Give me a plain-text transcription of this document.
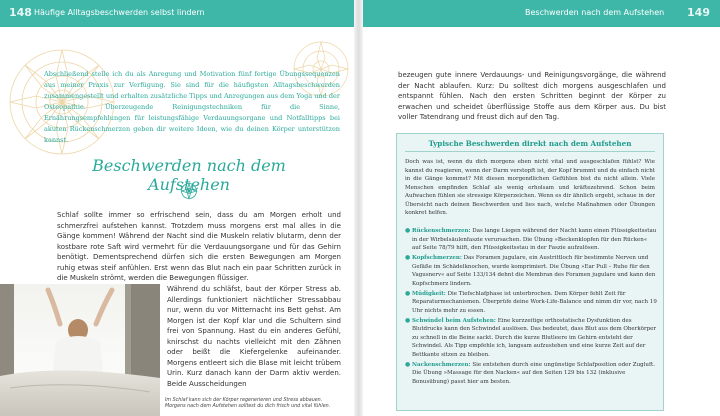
148 Häufige Alltagsbeschwerden selbst lindern	Beschwerden nach dem Aufstehen 149

Abschließend stelle ich du als Anregung und Motivation fünf fertige Übungssequenzen aus meiner Praxis zur Verfügung. Sie sind für die häufigsten Alltagsbeschwerden zusammengestellt und erhalten zusätzliche Tipps und Anregungen aus dem Yoga und der Osteopathie. Überzeugende Reinigungstechniken für die Sinne, Ernährungsempfehlungen für leistungsfähige Verdauungsorgane und Notfalltipps bei akuten Rückenschmerzen geben dir weitere Ideen, wie du deinen Körper unterstützen kannst.

Beschwerden nach dem Aufstehen

Schlaf sollte immer so erfrischend sein, dass du am Morgen erholt und schmerzfrei aufstehen kannst. Trotzdem muss morgens erst mal alles in die Gänge kommen! Während der Nacht sind die Muskeln relativ blutarm, denn der kostbare rote Saft wird vermehrt für die Verdauungsorgane und für das Gehirn benötigt. Dementsprechend dürfen sich die ersten Bewegungen am Morgen ruhig etwas steif anfühlen. Erst wenn das Blut nach ein paar Schritten zurück in die Muskeln strömt, werden die Bewegungen flüssiger.

Während du schläfst, baut der Körper Stress ab. Allerdings funktioniert nächtlicher Stressabbau nur, wenn du vor Mitternacht ins Bett gehst. Am Morgen ist der Kopf klar und die Schultern sind frei von Spannung. Hast du ein anderes Gefühl, knirschst du nachts vielleicht mit den Zähnen oder beißt die Kiefergelenke aufeinander. Morgens entleert sich die Blase mit leicht trübem Urin. Kurz danach kann der Darm aktiv werden. Beide Ausscheidungen

Im Schlaf kann sich der Körper regenerieren und Stress abbauen. Morgens nach dem Aufstehen solltest du dich frisch und vital fühlen.

bezeugen gute innere Verdauungs- und Reinigungsvorgänge, die während der Nacht ablaufen. Kurz: Du solltest dich morgens ausgeschlafen und entspannt fühlen. Nach den ersten Schritten beginnt der Körper zu erwachen und scheidet überflüssige Stoffe aus dem Körper aus. Du bist voller Tatendrang und freust dich auf den Tag.

Typische Beschwerden direkt nach dem Aufstehen

Doch was ist, wenn du dich morgens eben nicht vital und ausgeschlafen fühlst? Wie kannst du reagieren, wenn der Darm verstopft ist, der Kopf brummt und du einfach nicht in die Gänge kommst? Mit diesen morgendlichen Gefühlen bist du nicht allein. Viele Menschen empfinden Schlaf als wenig erholsam und kräftezehrend. Schon beim Aufwachen fühlen sie stressige Körperzeichen. Wenn es dir ähnlich ergeht, schaue in der Übersicht nach deinen Beschwerden und lies nach, welche Maßnahmen oder Übungen konkret helfen.

● Rückenschmerzen: Das lange Liegen während der Nacht kann einen Flüssigkeitsstau in der Wirbelsäulenfaszie verursachen. Die Übung »Beckenklopfen für den Rücken« auf Seite 78/79 hilft, den Flüssigkeitsstau in der Faszie aufzulösen.
● Kopfschmerzen: Das Foramen jugulare, ein Austrittloch für bestimmte Nerven und Gefäße im Schädelknochen, wurde komprimiert. Die Übung »Ear Pull – Ruhe für den Vagusnerv« auf Seite 133/134 dehnt die Membran des Foramen jugulare und kann den Kopfschmerz lindern.
● Müdigkeit: Die Tiefschlafphase ist unterbrochen. Dem Körper fehlt Zeit für Reparaturmechanismen. Überprüfe deine Work-Life-Balance und nimm dir vor, nach 19 Uhr nichts mehr zu essen.
● Schwindel beim Aufstehen: Eine kurzzeitige orthostatische Dysfunktion des Blutdrucks kann den Schwindel auslösen. Das bedeutet, dass Blut aus dem Oberkörper zu schnell in die Beine sackt. Durch die kurze Blutleere im Gehirn entsteht der Schwindel. Als Tipp empfehle ich, langsam aufzustehen und eine kurze Zeit auf der Bettkante sitzen zu bleiben.
● Nackenschmerzen: Sie entstehen durch eine ungünstige Schlafposition oder Zugluft. Die Übung »Massage für den Nacken« auf den Seiten 129 bis 132 (inklusive Bonusübung) passt hier am besten.
